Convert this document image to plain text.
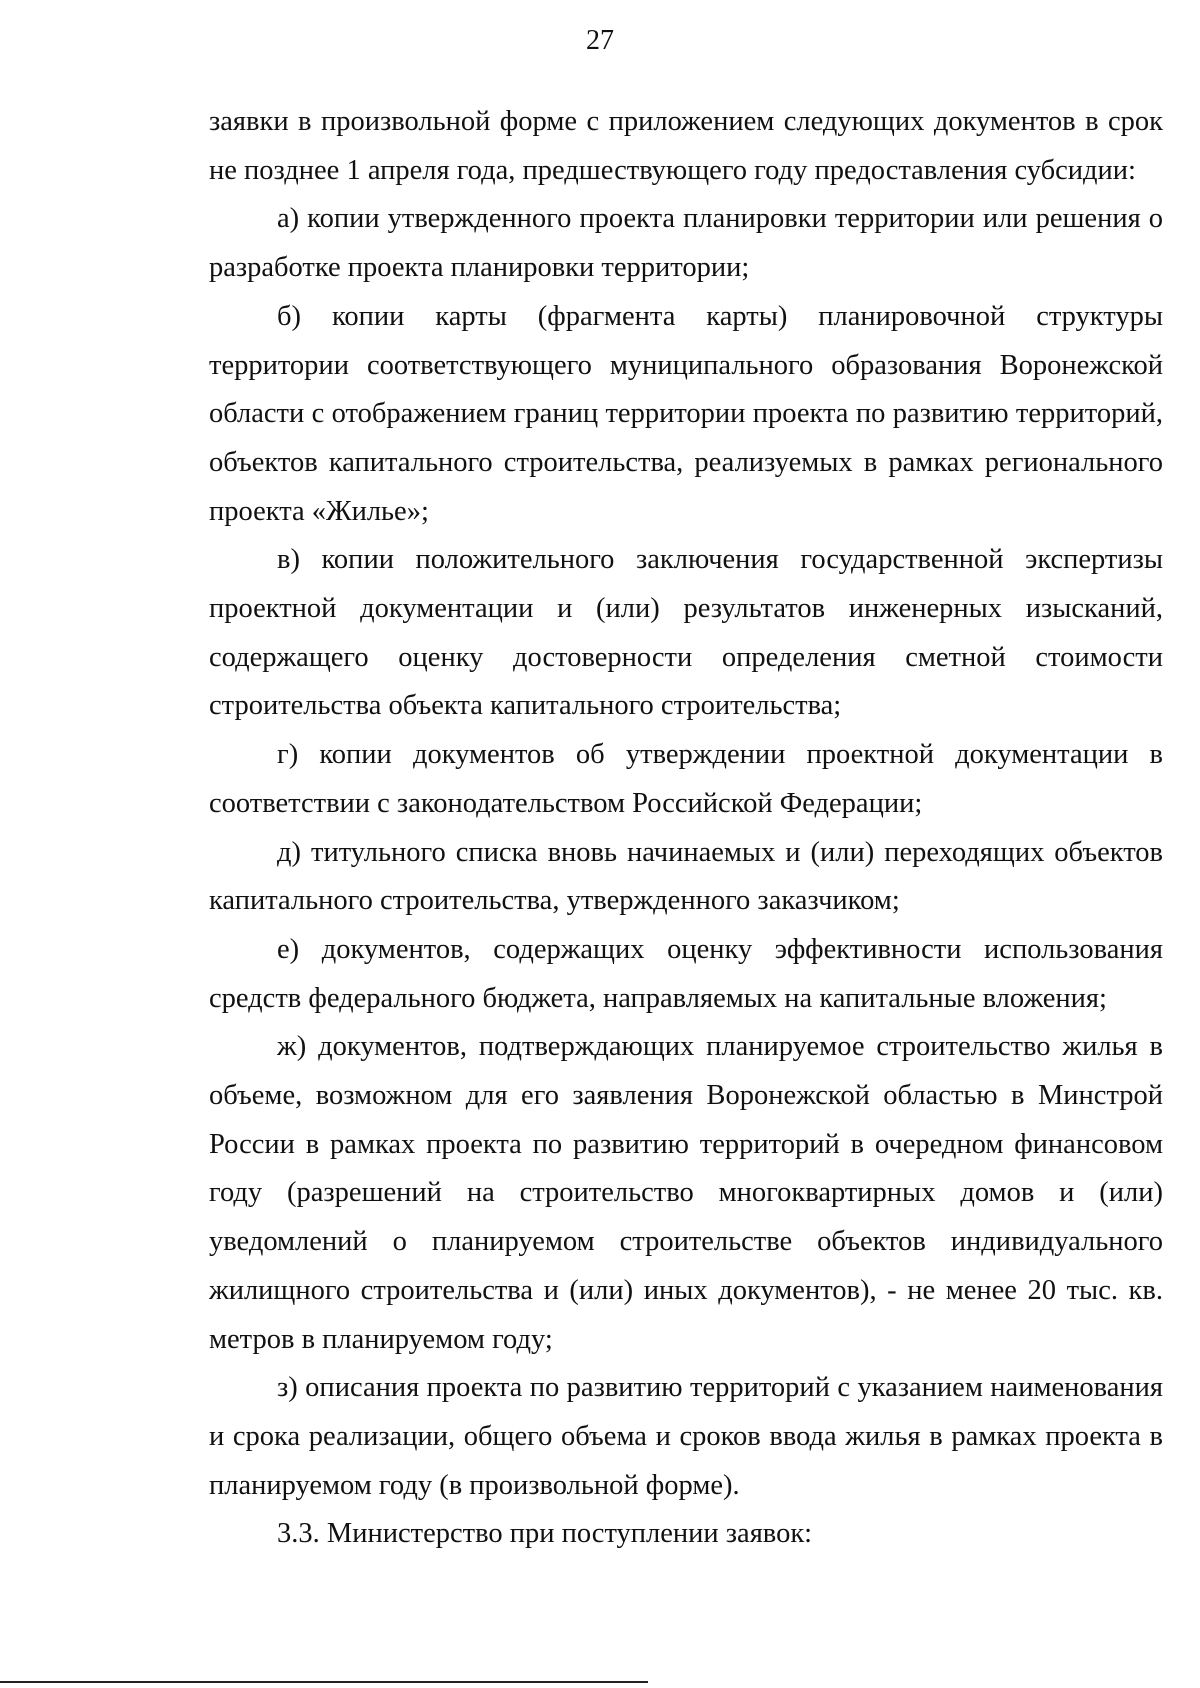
27

заявки в произвольной форме с приложением следующих документов в срок не позднее 1 апреля года, предшествующего году предоставления субсидии:

а) копии утвержденного проекта планировки территории или решения о разработке проекта планировки территории;

б) копии карты (фрагмента карты) планировочной структуры территории соответствующего муниципального образования Воронежской области с отображением границ территории проекта по развитию территорий, объектов капитального строительства, реализуемых в рамках регионального проекта «Жилье»;

в) копии положительного заключения государственной экспертизы проектной документации и (или) результатов инженерных изысканий, содержащего оценку достоверности определения сметной стоимости строительства объекта капитального строительства;

г) копии документов об утверждении проектной документации в соответствии с законодательством Российской Федерации;

д) титульного списка вновь начинаемых и (или) переходящих объектов капитального строительства, утвержденного заказчиком;

е) документов, содержащих оценку эффективности использования средств федерального бюджета, направляемых на капитальные вложения;

ж) документов, подтверждающих планируемое строительство жилья в объеме, возможном для его заявления Воронежской областью в Минстрой России в рамках проекта по развитию территорий в очередном финансовом году (разрешений на строительство многоквартирных домов и (или) уведомлений о планируемом строительстве объектов индивидуального жилищного строительства и (или) иных документов), - не менее 20 тыс. кв. метров в планируемом году;

з) описания проекта по развитию территорий с указанием наименования и срока реализации, общего объема и сроков ввода жилья в рамках проекта в планируемом году (в произвольной форме).

3.3. Министерство при поступлении заявок:
